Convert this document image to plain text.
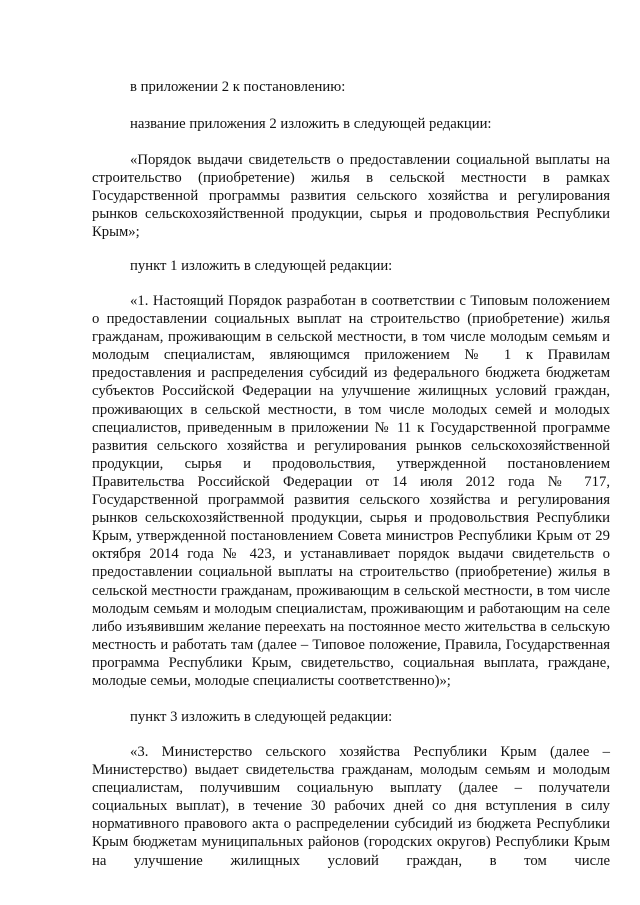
в приложении 2 к постановлению:

название приложения 2 изложить в следующей редакции:

«Порядок выдачи свидетельств о предоставлении социальной выплаты на строительство (приобретение) жилья в сельской местности в рамках Государственной программы развития сельского хозяйства и регулирования рынков сельскохозяйственной продукции, сырья и продовольствия Республики Крым»;

пункт 1 изложить в следующей редакции:

«1. Настоящий Порядок разработан в соответствии с Типовым положением о предоставлении социальных выплат на строительство (приобретение) жилья гражданам, проживающим в сельской местности, в том числе молодым семьям и молодым специалистам, являющимся приложением № 1 к Правилам предоставления и распределения субсидий из федерального бюджета бюджетам субъектов Российской Федерации на улучшение жилищных условий граждан, проживающих в сельской местности, в том числе молодых семей и молодых специалистов, приведенным в приложении № 11 к Государственной программе развития сельского хозяйства и регулирования рынков сельскохозяйственной продукции, сырья и продовольствия, утвержденной постановлением Правительства Российской Федерации от 14 июля 2012 года № 717, Государственной программой развития сельского хозяйства и регулирования рынков сельскохозяйственной продукции, сырья и продовольствия Республики Крым, утвержденной постановлением Совета министров Республики Крым от 29 октября 2014 года № 423, и устанавливает порядок выдачи свидетельств о предоставлении социальной выплаты на строительство (приобретение) жилья в сельской местности гражданам, проживающим в сельской местности, в том числе молодым семьям и молодым специалистам, проживающим и работающим на селе либо изъявившим желание переехать на постоянное место жительства в сельскую местность и работать там (далее – Типовое положение, Правила, Государственная программа Республики Крым, свидетельство, социальная выплата, граждане, молодые семьи, молодые специалисты соответственно)»;

пункт 3 изложить в следующей редакции:

«3. Министерство сельского хозяйства Республики Крым (далее – Министерство) выдает свидетельства гражданам, молодым семьям и молодым специалистам, получившим социальную выплату (далее – получатели социальных выплат), в течение 30 рабочих дней со дня вступления в силу нормативного правового акта о распределении субсидий из бюджета Республики Крым бюджетам муниципальных районов (городских округов) Республики Крым на улучшение жилищных условий граждан, в том числе
